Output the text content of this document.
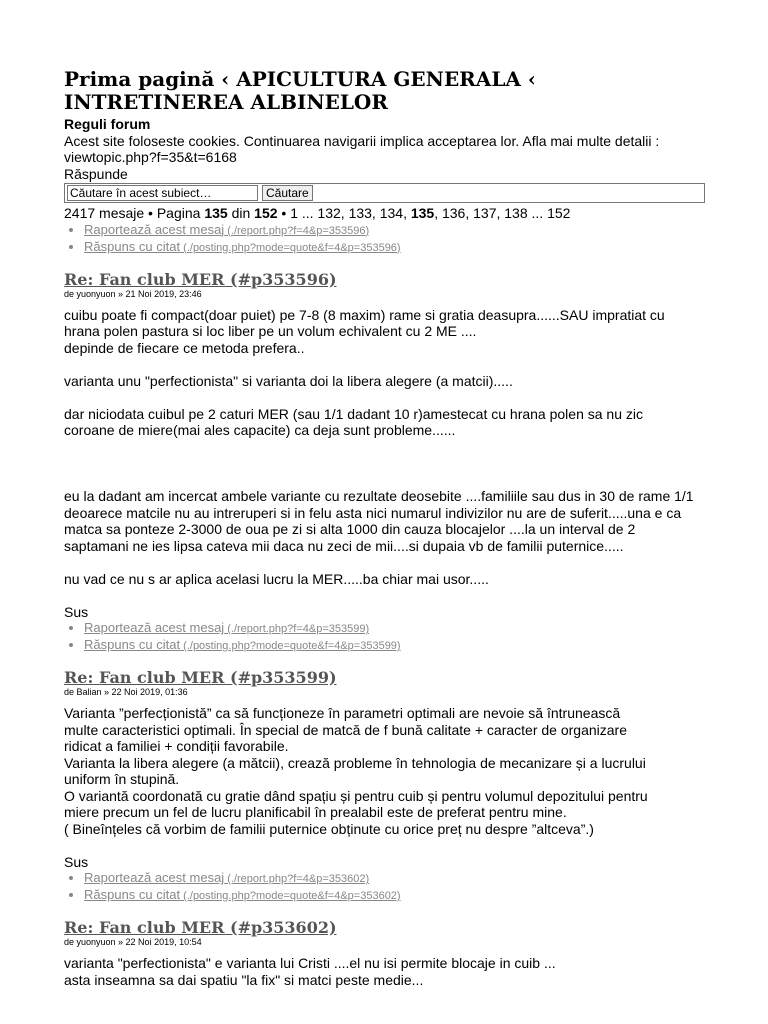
Prima pagină ‹ APICULTURA GENERALA ‹ INTRETINEREA ALBINELOR

Reguli forum

Acest site foloseste cookies. Continuarea navigarii implica acceptarea lor. Afla mai multe detalii :

viewtopic.php?f=35&t=6168

Răspunde

Căutare în acest subiect…
Căutare

2417 mesaje • Pagina 135 din 152 • 1 ... 132, 133, 134, 135, 136, 137, 138 ... 152

• Raportează acest mesaj (./report.php?f=4&p=353596)
• Răspuns cu citat (./posting.php?mode=quote&f=4&p=353596)

Re: Fan club MER (#p353596)

de yuonyuon » 21 Noi 2019, 23:46

cuibu poate fi compact(doar puiet) pe 7-8 (8 maxim) rame si gratia deasupra......SAU impratiat cu

hrana polen pastura si loc liber pe un volum echivalent cu 2 ME ....

depinde de fiecare ce metoda prefera..

varianta unu "perfectionista" si varianta doi la libera alegere (a matcii).....

dar niciodata cuibul pe 2 caturi MER (sau 1/1 dadant 10 r)amestecat cu hrana polen sa nu zic

coroane de miere(mai ales capacite) ca deja sunt probleme......

eu la dadant am incercat ambele variante cu rezultate deosebite ....familiile sau dus in 30 de rame 1/1

deoarece matcile nu au intreruperi si in felu asta nici numarul indivizilor nu are de suferit.....una e ca

matca sa ponteze 2-3000 de oua pe zi si alta 1000 din cauza blocajelor ....la un interval de 2

saptamani ne ies lipsa cateva mii daca nu zeci de mii....si dupaia vb de familii puternice.....

nu vad ce nu s ar aplica acelasi lucru la MER.....ba chiar mai usor.....

Sus

• Raportează acest mesaj (./report.php?f=4&p=353599)
• Răspuns cu citat (./posting.php?mode=quote&f=4&p=353599)

Re: Fan club MER (#p353599)

de Balian » 22 Noi 2019, 01:36

Varianta ”perfecționistă” ca să funcționeze în parametri optimali are nevoie să întrunească

multe caracteristici optimali. În special de matcă de f bună calitate + caracter de organizare

ridicat a familiei + condiții favorabile.

Varianta la libera alegere (a mătcii), crează probleme în tehnologia de mecanizare și a lucrului

uniform în stupină.

O variantă coordonată cu gratie dând spațiu și pentru cuib și pentru volumul depozitului pentru

miere precum un fel de lucru planificabil în prealabil este de preferat pentru mine.

( Bineînțeles că vorbim de familii puternice obținute cu orice preț nu despre ”altceva”.)

Sus

• Raportează acest mesaj (./report.php?f=4&p=353602)
• Răspuns cu citat (./posting.php?mode=quote&f=4&p=353602)

Re: Fan club MER (#p353602)

de yuonyuon » 22 Noi 2019, 10:54

varianta "perfectionista" e varianta lui Cristi ....el nu isi permite blocaje in cuib ...

asta inseamna sa dai spatiu "la fix" si matci peste medie...
